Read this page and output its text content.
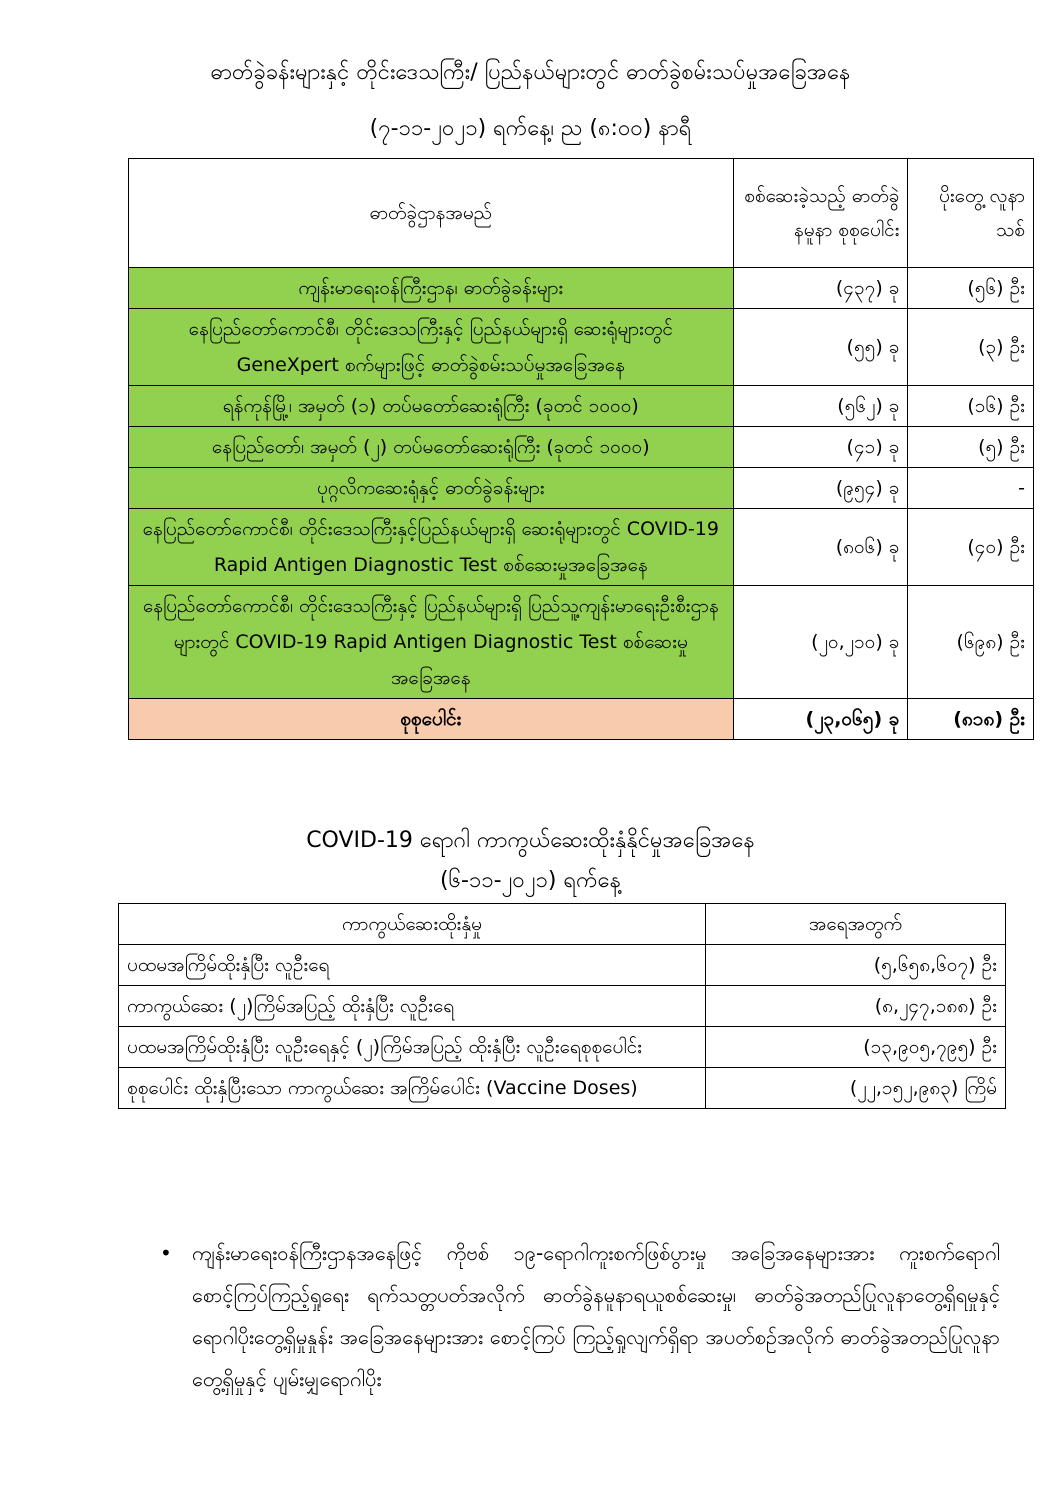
ဓာတ်ခွဲခန်းများနှင့် တိုင်းဒေသကြီး/ ပြည်နယ်များတွင် ဓာတ်ခွဲစမ်းသပ်မှုအခြေအနေ
(၇-၁၁-၂၀၂၁) ရက်နေ့၊ ည (၈:၀၀) နာရီ
ဓာတ်ခွဲဌာနအမည်	စစ်ဆေးခဲ့သည့် ဓာတ်ခွဲနမူနာ စုစုပေါင်း	ပိုးတွေ့ လူနာသစ်
ကျန်းမာရေးဝန်ကြီးဌာန၊ ဓာတ်ခွဲခန်းများ	(၄၃၇) ခု	(၅၆) ဦး
နေပြည်တော်ကောင်စီ၊ တိုင်းဒေသကြီးနှင့် ပြည်နယ်များရှိ ဆေးရုံများတွင် GeneXpert စက်များဖြင့် ဓာတ်ခွဲစမ်းသပ်မှုအခြေအနေ	(၅၅) ခု	(၃) ဦး
ရန်ကုန်မြို့၊ အမှတ် (၁) တပ်မတော်ဆေးရုံကြီး (ခုတင် ၁၀၀၀)	(၅၆၂) ခု	(၁၆) ဦး
နေပြည်တော်၊ အမှတ် (၂) တပ်မတော်ဆေးရုံကြီး (ခုတင် ၁၀၀၀)	(၄၁) ခု	(၅) ဦး
ပုဂ္ဂလိကဆေးရုံနှင့် ဓာတ်ခွဲခန်းများ	(၉၅၄) ခု	-
နေပြည်တော်ကောင်စီ၊ တိုင်းဒေသကြီးနှင့်ပြည်နယ်များရှိ ဆေးရုံများတွင် COVID-19 Rapid Antigen Diagnostic Test စစ်ဆေးမှုအခြေအနေ	(၈၀၆) ခု	(၄၀) ဦး
နေပြည်တော်ကောင်စီ၊ တိုင်းဒေသကြီးနှင့် ပြည်နယ်များရှိ ပြည်သူ့ကျန်းမာရေးဦးစီးဌာနများတွင် COVID-19 Rapid Antigen Diagnostic Test စစ်ဆေးမှုအခြေအနေ	(၂၀,၂၁၀) ခု	(၆၉၈) ဦး
စုစုပေါင်း	(၂၃,၀၆၅) ခု	(၈၁၈) ဦး
COVID-19 ရောဂါ ကာကွယ်ဆေးထိုးနှံနိုင်မှုအခြေအနေ
(၆-၁၁-၂၀၂၁) ရက်နေ့
ကာကွယ်ဆေးထိုးနှံမှု	အရေအတွက်
ပထမအကြိမ်ထိုးနှံပြီး လူဦးရေ	(၅,၆၅၈,၆၀၇) ဦး
ကာကွယ်ဆေး (၂)ကြိမ်အပြည့် ထိုးနှံပြီး လူဦးရေ	(၈,၂၄၇,၁၈၈) ဦး
ပထမအကြိမ်ထိုးနှံပြီး လူဦးရေနှင့် (၂)ကြိမ်အပြည့် ထိုးနှံပြီး လူဦးရေစုစုပေါင်း	(၁၃,၉၀၅,၇၉၅) ဦး
စုစုပေါင်း ထိုးနှံပြီးသော ကာကွယ်ဆေး အကြိမ်ပေါင်း (Vaccine Doses)	(၂၂,၁၅၂,၉၈၃) ကြိမ်
• ကျန်းမာရေးဝန်ကြီးဌာနအနေဖြင့် ကိုဗစ် ၁၉-ရောဂါကူးစက်ဖြစ်ပွားမှု အခြေအနေများအား ကူးစက်ရောဂါစောင့်ကြပ်ကြည့်ရှုရေး ရက်သတ္တပတ်အလိုက် ဓာတ်ခွဲနမူနာရယူစစ်ဆေးမှု၊ ဓာတ်ခွဲအတည်ပြုလူနာတွေ့ရှိရမှုနှင့် ရောဂါပိုးတွေ့ရှိမှုနှုန်း အခြေအနေများအား စောင့်ကြပ် ကြည့်ရှုလျက်ရှိရာ အပတ်စဉ်အလိုက် ဓာတ်ခွဲအတည်ပြုလူနာတွေ့ရှိမှုနှင့် ပျမ်းမျှရောဂါပိုး
